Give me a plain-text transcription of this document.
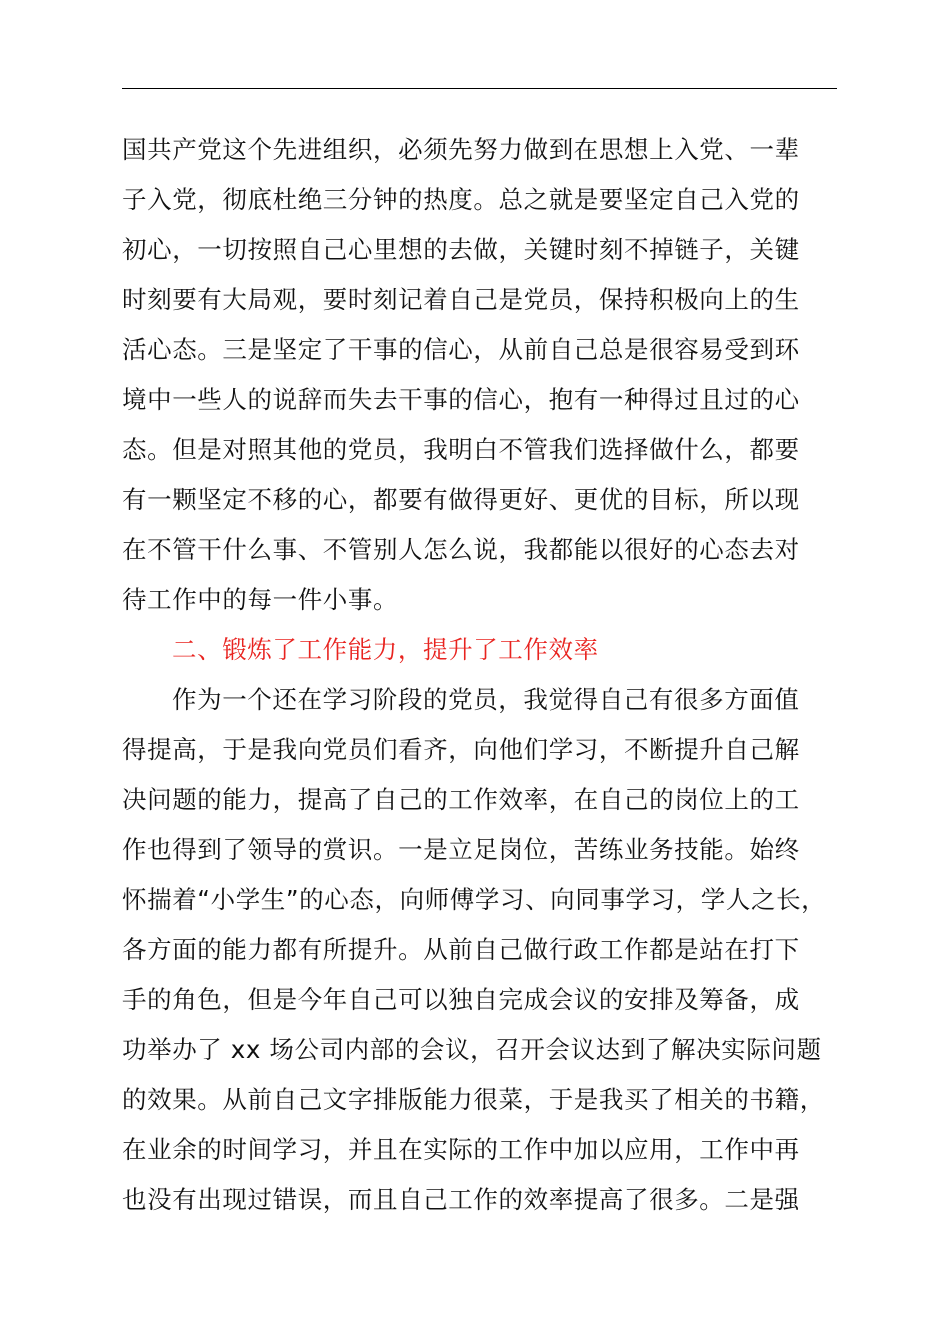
国共产党这个先进组织，必须先努力做到在思想上入党、一辈
子入党，彻底杜绝三分钟的热度。总之就是要坚定自己入党的
初心，一切按照自己心里想的去做，关键时刻不掉链子，关键
时刻要有大局观，要时刻记着自己是党员，保持积极向上的生
活心态。三是坚定了干事的信心，从前自己总是很容易受到环
境中一些人的说辞而失去干事的信心，抱有一种得过且过的心
态。但是对照其他的党员，我明白不管我们选择做什么，都要
有一颗坚定不移的心，都要有做得更好、更优的目标，所以现
在不管干什么事、不管别人怎么说，我都能以很好的心态去对
待工作中的每一件小事。
二、锻炼了工作能力，提升了工作效率
作为一个还在学习阶段的党员，我觉得自己有很多方面值
得提高，于是我向党员们看齐，向他们学习，不断提升自己解
决问题的能力，提高了自己的工作效率，在自己的岗位上的工
作也得到了领导的赏识。一是立足岗位，苦练业务技能。始终
怀揣着“小学生”的心态，向师傅学习、向同事学习，学人之长，
各方面的能力都有所提升。从前自己做行政工作都是站在打下
手的角色，但是今年自己可以独自完成会议的安排及筹备，成
功举办了 xx 场公司内部的会议，召开会议达到了解决实际问题
的效果。从前自己文字排版能力很菜，于是我买了相关的书籍，
在业余的时间学习，并且在实际的工作中加以应用，工作中再
也没有出现过错误，而且自己工作的效率提高了很多。二是强
